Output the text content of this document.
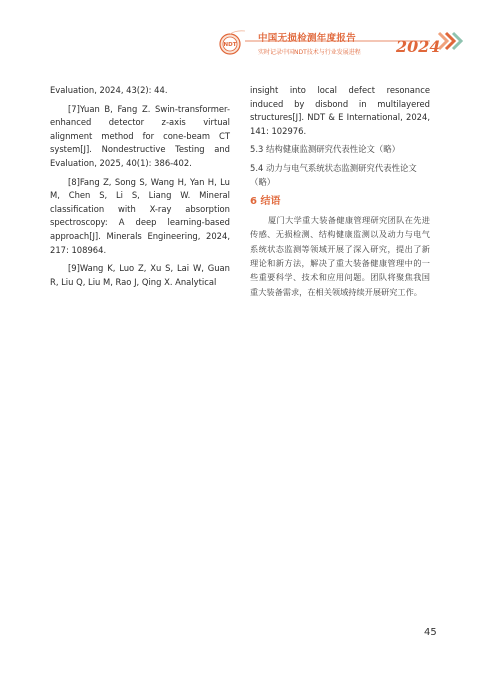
NDT
中国无损检测年度报告
实时记录中国NDT技术与行业发展进程 2024

Evaluation, 2024, 43(2): 44.

[7]Yuan B, Fang Z. Swin-transformer-enhanced detector z-axis virtual alignment method for cone-beam CT system[J]. Nondestructive Testing and Evaluation, 2025, 40(1): 386-402.

[8]Fang Z, Song S, Wang H, Yan H, Lu M, Chen S, Li S, Liang W. Mineral classification with X-ray absorption spectroscopy: A deep learning-based approach[J]. Minerals Engineering, 2024, 217: 108964.

[9]Wang K, Luo Z, Xu S, Lai W, Guan R, Liu Q, Liu M, Rao J, Qing X. Analytical

insight into local defect resonance induced by disbond in multilayered structures[J]. NDT & E International, 2024, 141: 102976.

5.3 结构健康监测研究代表性论文（略）

5.4 动力与电气系统状态监测研究代表性论文（略）

6 结语

厦门大学重大装备健康管理研究团队在先进传感、无损检测、结构健康监测以及动力与电气系统状态监测等领域开展了深入研究，提出了新理论和新方法，解决了重大装备健康管理中的一些重要科学、技术和应用问题。团队将聚焦我国重大装备需求，在相关领域持续开展研究工作。

45
